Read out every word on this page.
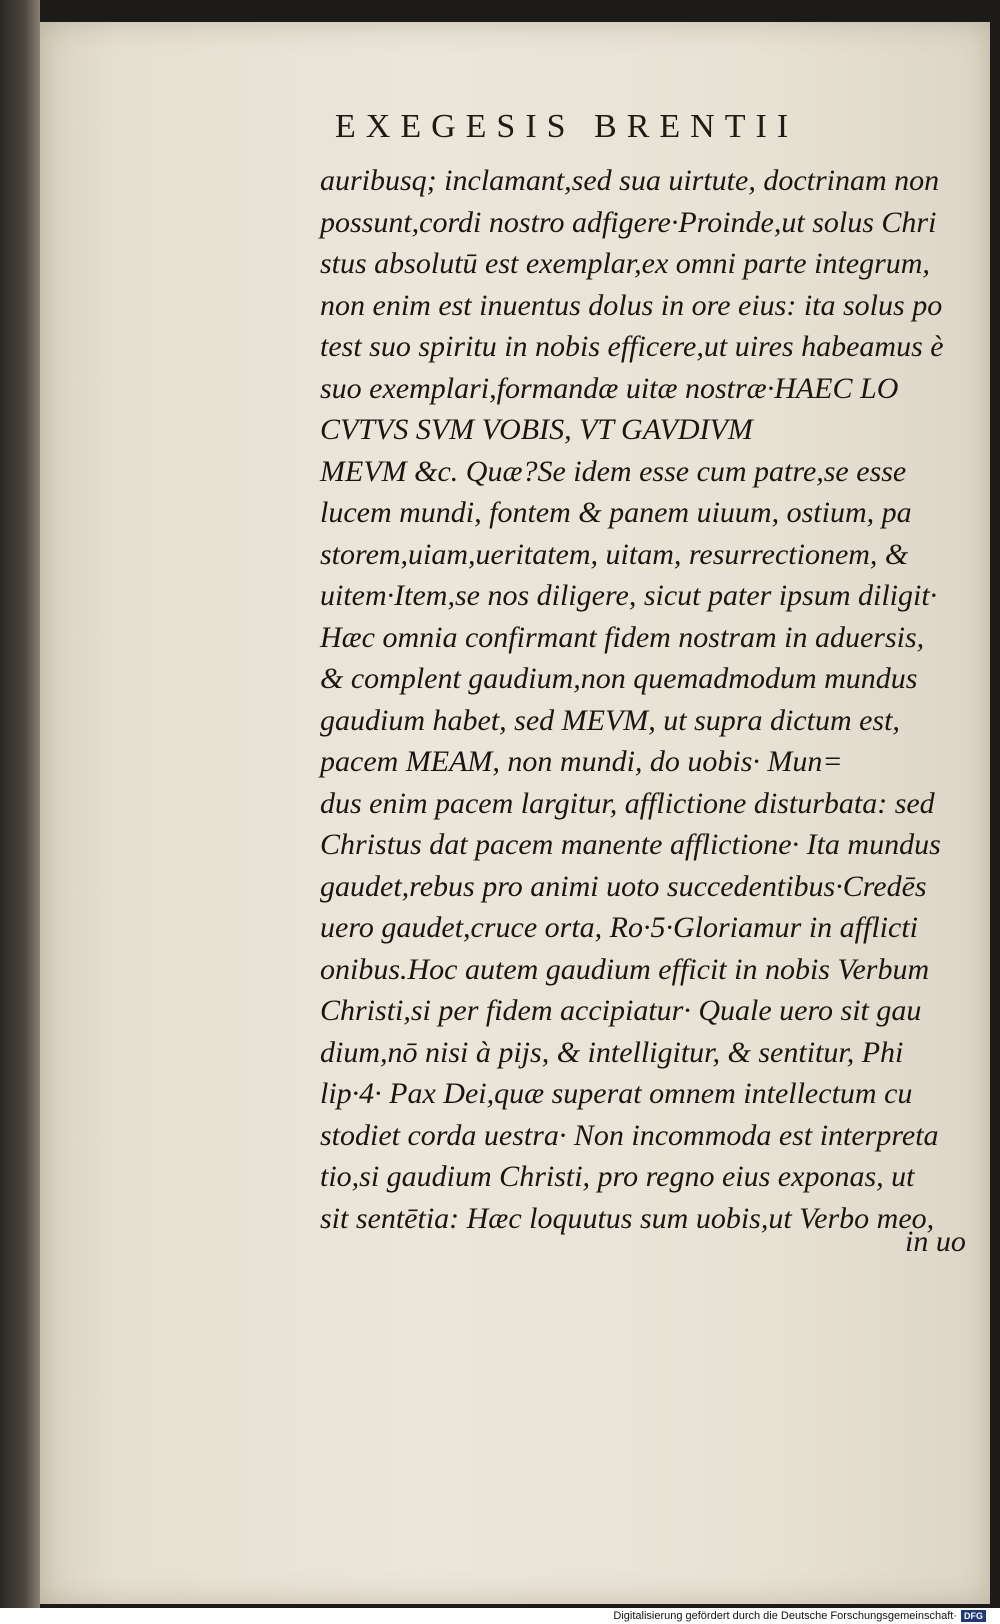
EXEGESIS BRENTII
auribusq; inclamant,sed sua uirtute, doctrinam non
possunt,cordi nostro adfigere·Proinde,ut solus Chri
stus absolutū est exemplar,ex omni parte integrum,
non enim est inuentus dolus in ore eius: ita solus po
test suo spiritu in nobis efficere,ut uires habeamus è
suo exemplari,formandæ uitæ nostræ·HAEC LO
CVTVS SVM VOBIS, VT GAVDIVM
MEVM &c. Quæ?Se idem esse cum patre,se esse
lucem mundi, fontem & panem uiuum, ostium, pa
storem,uiam,ueritatem, uitam, resurrectionem, &
uitem·Item,se nos diligere, sicut pater ipsum diligit·
Hæc omnia confirmant fidem nostram in aduersis,
& complent gaudium,non quemadmodum mundus
gaudium habet, sed MEVM, ut supra dictum est,
pacem MEAM, non mundi, do uobis· Mun=
dus enim pacem largitur, afflictione disturbata: sed
Christus dat pacem manente afflictione· Ita mundus
gaudet,rebus pro animi uoto succedentibus·Credēs
uero gaudet,cruce orta, Ro·5·Gloriamur in afflicti
onibus.Hoc autem gaudium efficit in nobis Verbum
Christi,si per fidem accipiatur· Quale uero sit gau
dium,nō nisi à pijs, & intelligitur, & sentitur, Phi
lip·4· Pax Dei,quæ superat omnem intellectum cu
stodiet corda uestra· Non incommoda est interpreta
tio,si gaudium Christi, pro regno eius exponas, ut
sit sentētia: Hæc loquutus sum uobis,ut Verbo meo,
in uo
Digitalisierung gefördert durch die Deutsche Forschungsgemeinschaft· DFG
